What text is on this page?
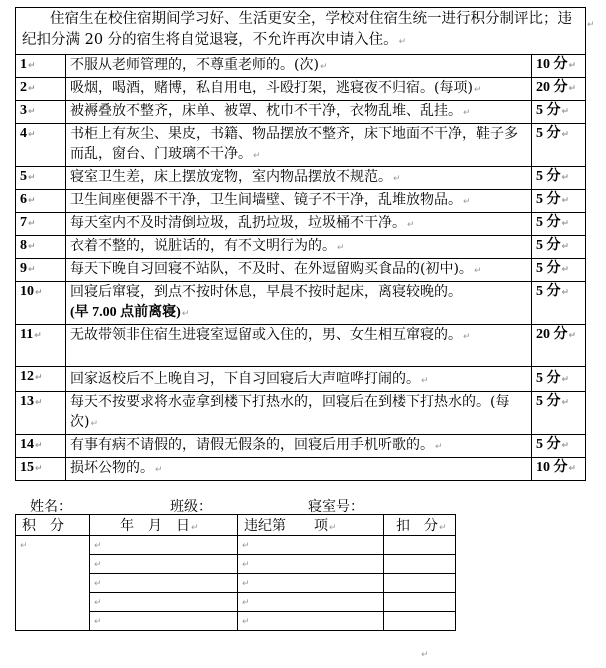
住宿生在校住宿期间学习好、生活更安全，学校对住宿生统一进行积分制评比；违纪扣分满 20 分的宿生将自觉退寝，不允许再次申请入住。↵		
1↵	不服从老师管理的，不尊重老师的。(次)↵	10 分↵
2↵	吸烟，喝酒，赌博，私自用电，斗殴打架，逃寝夜不归宿。(每项)↵	20 分↵
3↵	被褥叠放不整齐，床单、被罩、枕巾不干净，衣物乱堆、乱挂。↵	5 分↵
4↵	书柜上有灰尘、果皮，书籍、物品摆放不整齐，床下地面不干净，鞋子多而乱，窗台、门玻璃不干净。↵	5 分↵
5↵	寝室卫生差，床上摆放宠物，室内物品摆放不规范。↵	5 分↵
6↵	卫生间座便器不干净，卫生间墙壁、镜子不干净，乱堆放物品。↵	5 分↵
7↵	每天室内不及时清倒垃圾，乱扔垃圾，垃圾桶不干净。↵	5 分↵
8↵	衣着不整的，说脏话的，有不文明行为的。↵	5 分↵
9↵	每天下晚自习回寝不站队，不及时、在外逗留购买食品的(初中)。↵	5 分↵
10↵	回寝后窜寝，到点不按时休息，早晨不按时起床，离寝较晚的。
(早 7.00 点前离寝)↵	5 分↵
11↵	无故带领非住宿生进寝室逗留或入住的，男、女生相互窜寝的。↵	20 分↵
12↵	回家返校后不上晚自习，下自习回寝后大声喧哗打闹的。↵	5 分↵
13↵	每天不按要求将水壶拿到楼下打热水的，回寝后在到楼下打热水的。(每次)↵	5 分↵
14↵	有事有病不请假的，请假无假条的，回寝后用手机听歌的。↵	5 分↵
15↵	损坏公物的。↵	10 分↵
姓名：	班级：	寝室号：
积　分	年　月　日↵	违纪第　　项↵	扣　分↵
↵	↵	↵	
	↵	↵	
	↵	↵	
	↵	↵	
	↵	↵	
↵
↵
